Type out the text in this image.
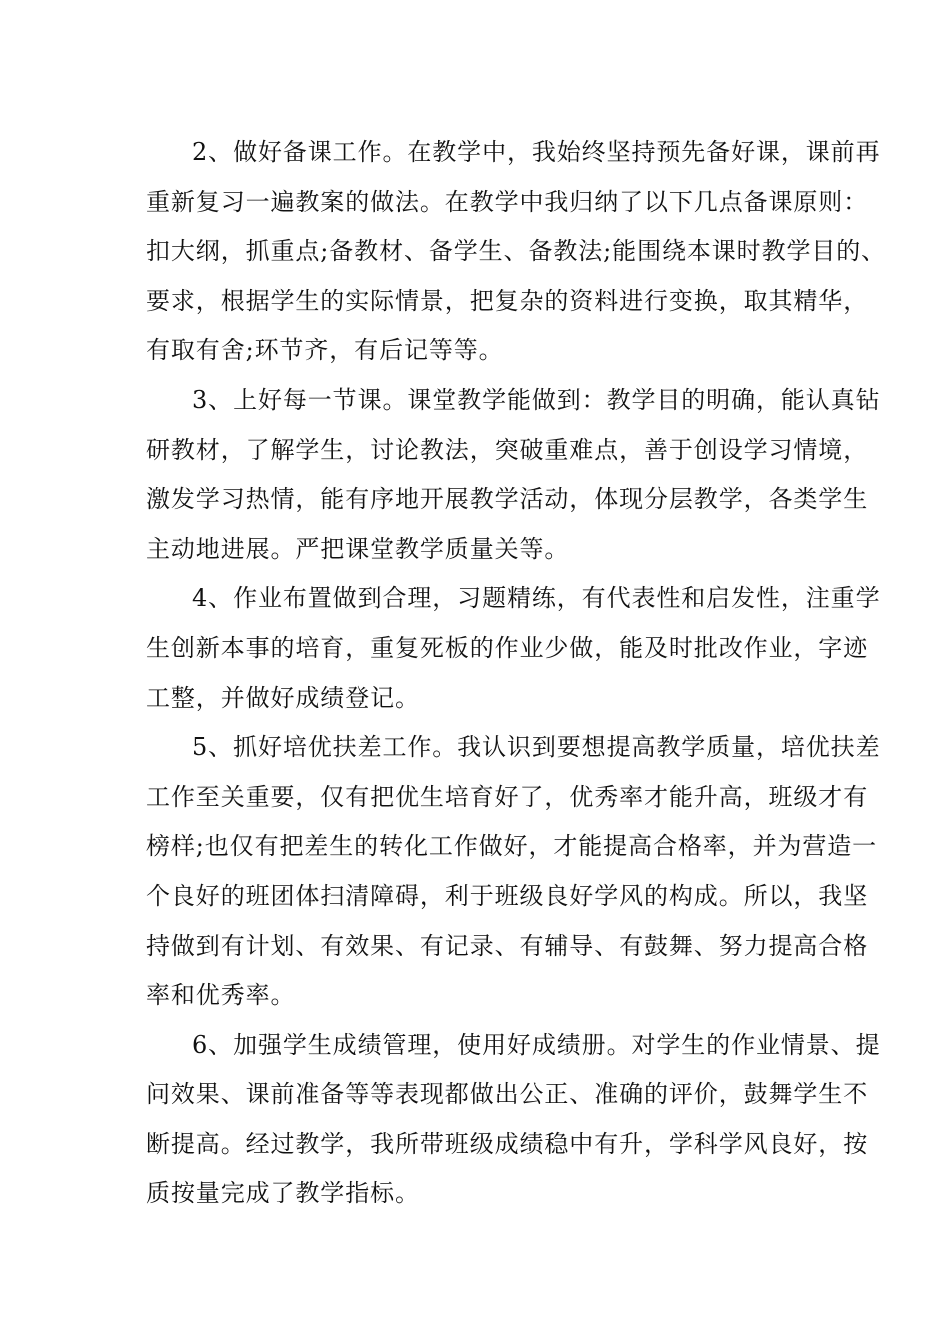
2、做好备课工作。在教学中，我始终坚持预先备好课，课前再
重新复习一遍教案的做法。在教学中我归纳了以下几点备课原则：
扣大纲，抓重点;备教材、备学生、备教法;能围绕本课时教学目的、
要求，根据学生的实际情景，把复杂的资料进行变换，取其精华，
有取有舍;环节齐，有后记等等。
3、上好每一节课。课堂教学能做到：教学目的明确，能认真钻
研教材，了解学生，讨论教法，突破重难点，善于创设学习情境，
激发学习热情，能有序地开展教学活动，体现分层教学，各类学生
主动地进展。严把课堂教学质量关等。
4、作业布置做到合理，习题精练，有代表性和启发性，注重学
生创新本事的培育，重复死板的作业少做，能及时批改作业，字迹
工整，并做好成绩登记。
5、抓好培优扶差工作。我认识到要想提高教学质量，培优扶差
工作至关重要，仅有把优生培育好了，优秀率才能升高，班级才有
榜样;也仅有把差生的转化工作做好，才能提高合格率，并为营造一
个良好的班团体扫清障碍，利于班级良好学风的构成。所以，我坚
持做到有计划、有效果、有记录、有辅导、有鼓舞、努力提高合格
率和优秀率。
6、加强学生成绩管理，使用好成绩册。对学生的作业情景、提
问效果、课前准备等等表现都做出公正、准确的评价，鼓舞学生不
断提高。经过教学，我所带班级成绩稳中有升，学科学风良好，按
质按量完成了教学指标。
